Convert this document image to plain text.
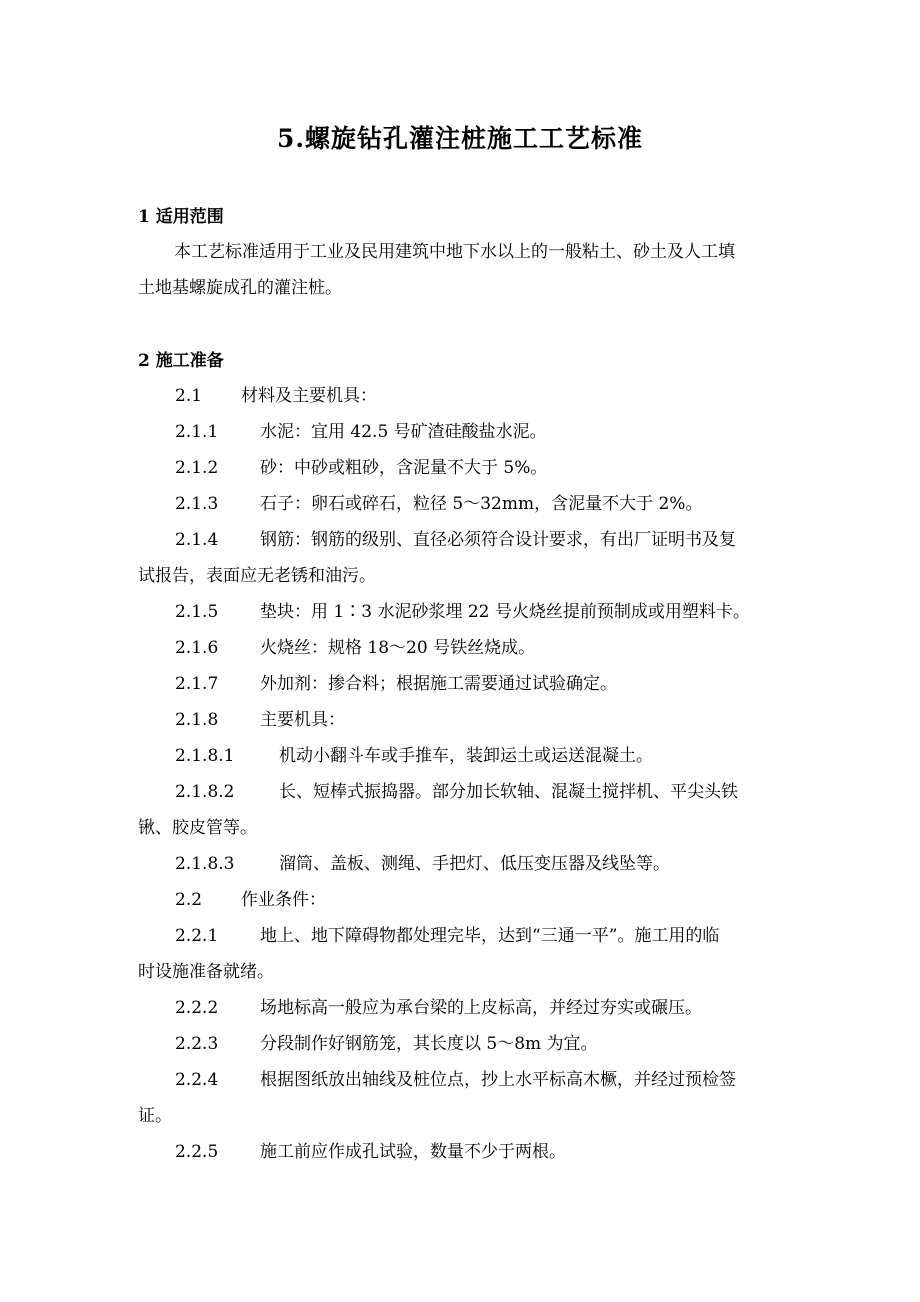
5.螺旋钻孔灌注桩施工工艺标准
1 适用范围
本工艺标准适用于工业及民用建筑中地下水以上的一般粘土、砂土及人工填
土地基螺旋成孔的灌注桩。
2 施工准备
2.1 材料及主要机具：
2.1.1 水泥：宜用 42.5 号矿渣硅酸盐水泥。
2.1.2 砂：中砂或粗砂，含泥量不大于 5%。
2.1.3 石子：卵石或碎石，粒径 5～32mm，含泥量不大于 2%。
2.1.4 钢筋：钢筋的级别、直径必须符合设计要求，有出厂证明书及复
试报告，表面应无老锈和油污。
2.1.5 垫块：用 1∶3 水泥砂浆埋 22 号火烧丝提前预制成或用塑料卡。
2.1.6 火烧丝：规格 18～20 号铁丝烧成。
2.1.7 外加剂：掺合料；根据施工需要通过试验确定。
2.1.8 主要机具：
2.1.8.1	机动小翻斗车或手推车，装卸运土或运送混凝土。
2.1.8.2	长、短棒式振捣器。部分加长软轴、混凝土搅拌机、平尖头铁
锹、胶皮管等。
2.1.8.3	溜筒、盖板、测绳、手把灯、低压变压器及线坠等。
2.2 作业条件：
2.2.1 地上、地下障碍物都处理完毕，达到“三通一平”。施工用的临
时设施准备就绪。
2.2.2 场地标高一般应为承台梁的上皮标高，并经过夯实或碾压。
2.2.3 分段制作好钢筋笼，其长度以 5～8m 为宜。
2.2.4 根据图纸放出轴线及桩位点，抄上水平标高木橛，并经过预检签
证。
2.2.5 施工前应作成孔试验，数量不少于两根。
